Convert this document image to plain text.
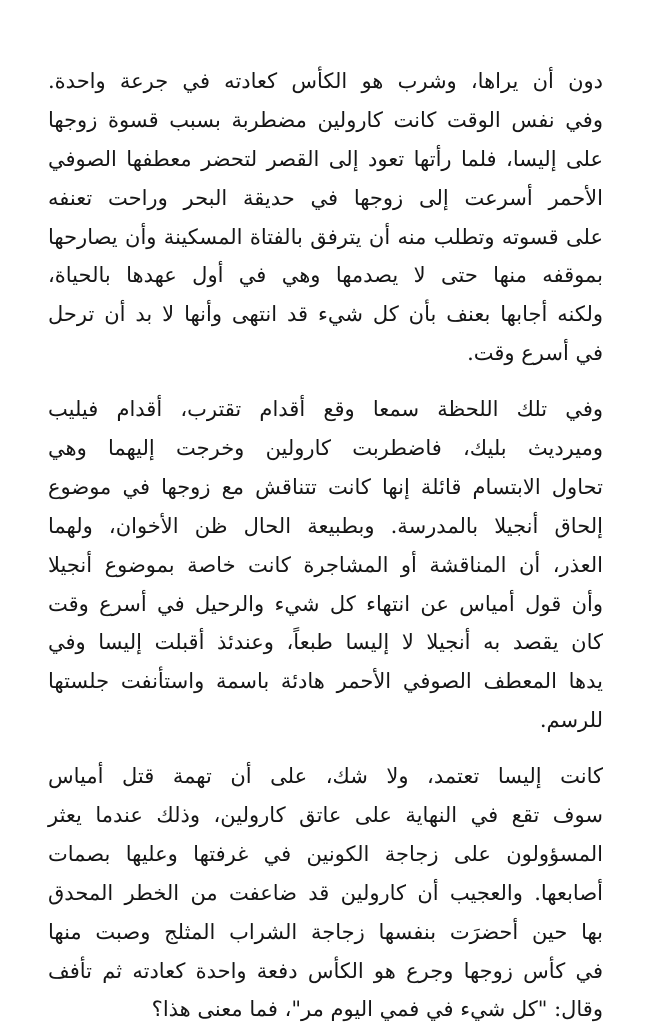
دون أن يراها، وشرب هو الكأس كعادته في جرعة واحدة.
وفي نفس الوقت كانت كارولين مضطربة بسبب قسوة زوجها
على إليسا، فلما رأتها تعود إلى القصر لتحضر معطفها الصوفي
الأحمر أسرعت إلى زوجها في حديقة البحر وراحت تعنفه
على قسوته وتطلب منه أن يترفق بالفتاة المسكينة وأن يصارحها
بموقفه منها حتى لا يصدمها وهي في أول عهدها بالحياة،
ولكنه أجابها بعنف بأن كل شيء قد انتهى وأنها لا بد أن ترحل
في أسرع وقت.
وفي تلك اللحظة سمعا وقع أقدام تقترب، أقدام فيليب
وميرديث بليك، فاضطربت كارولين وخرجت إليهما وهي
تحاول الابتسام قائلة إنها كانت تتناقش مع زوجها في موضوع
إلحاق أنجيلا بالمدرسة. وبطبيعة الحال ظن الأخوان، ولهما
العذر، أن المناقشة أو المشاجرة كانت خاصة بموضوع أنجيلا
وأن قول أمياس عن انتهاء كل شيء والرحيل في أسرع وقت
كان يقصد به أنجيلا لا إليسا طبعاً، وعندئذ أقبلت إليسا وفي
يدها المعطف الصوفي الأحمر هادئة باسمة واستأنفت جلستها
للرسم.
كانت إليسا تعتمد، ولا شك، على أن تهمة قتل أمياس
سوف تقع في النهاية على عاتق كارولين، وذلك عندما يعثر
المسؤولون على زجاجة الكونين في غرفتها وعليها بصمات
أصابعها. والعجيب أن كارولين قد ضاعفت من الخطر المحدق
بها حين أحضرَت بنفسها زجاجة الشراب المثلج وصبت منها
في كأس زوجها وجرع هو الكأس دفعة واحدة كعادته ثم تأفف
وقال: "كل شيء في فمي اليوم مر"، فما معنى هذا؟
